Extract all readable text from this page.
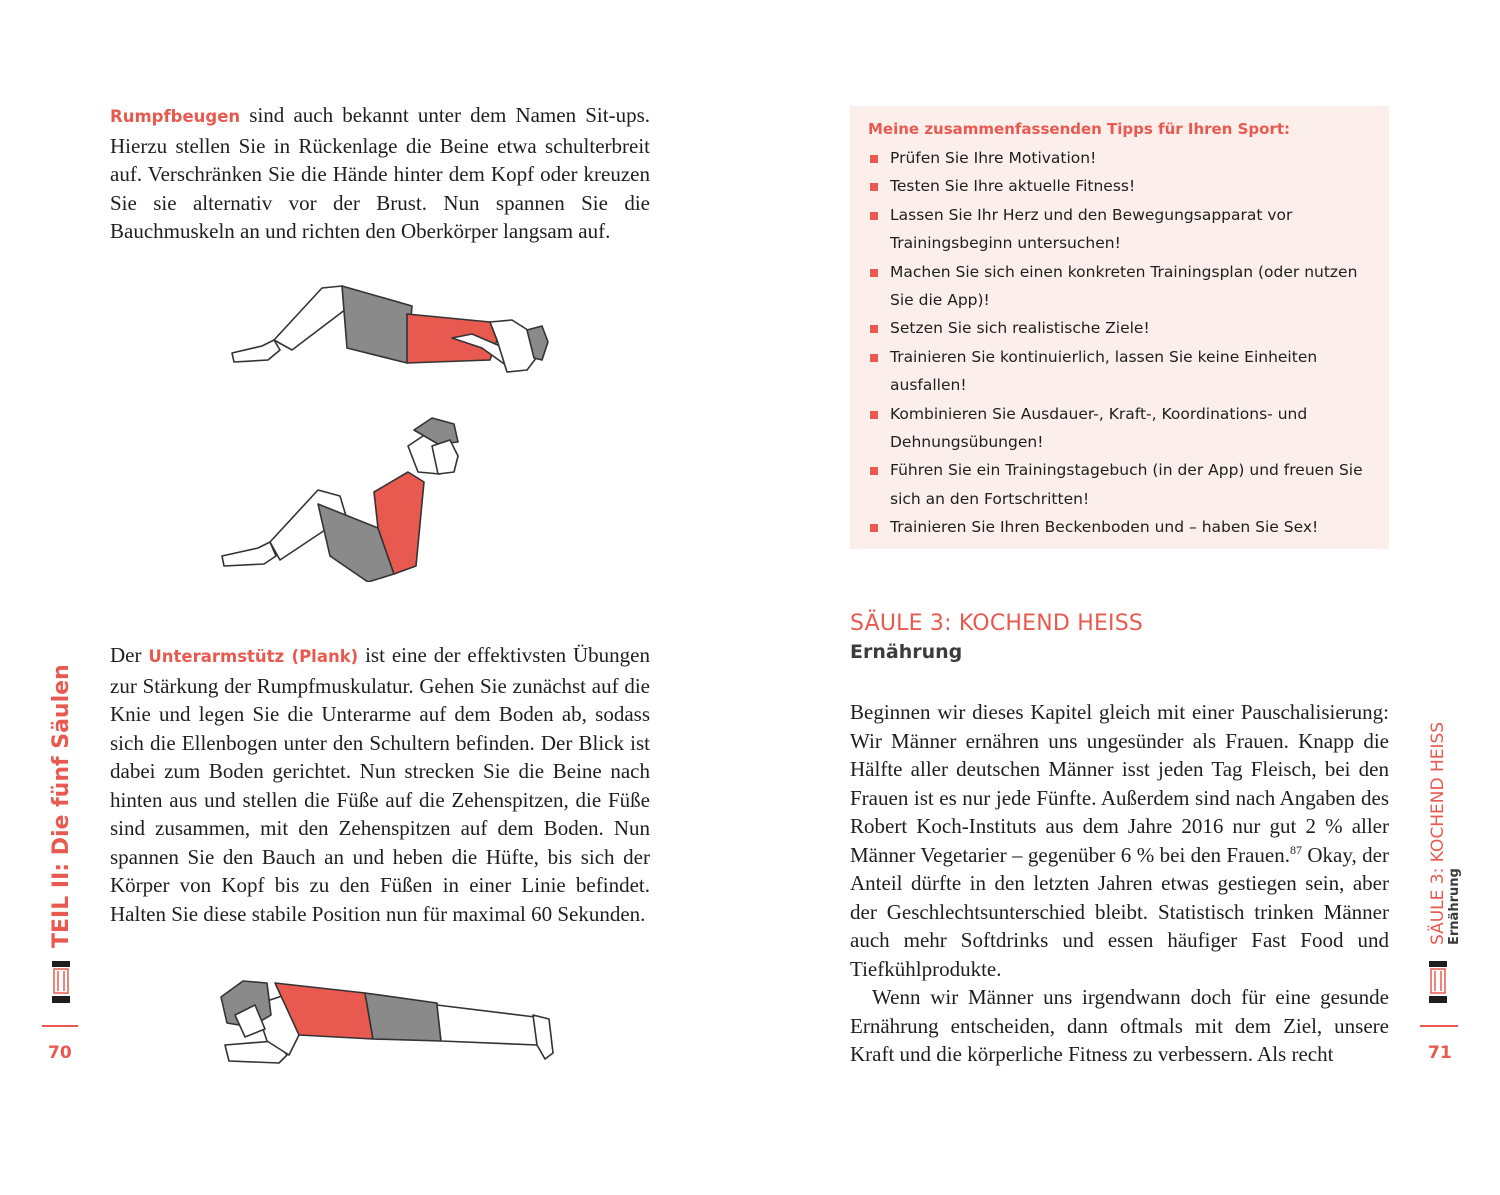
Rumpfbeugen sind auch bekannt unter dem Namen Sit-ups. Hierzu stellen Sie in Rückenlage die Beine etwa schulterbreit auf. Verschränken Sie die Hände hinter dem Kopf oder kreuzen Sie sie alternativ vor der Brust. Nun spannen Sie die Bauchmuskeln an und richten den Oberkörper langsam auf.

Der Unterarmstütz (Plank) ist eine der effektivsten Übungen zur Stärkung der Rumpfmuskulatur. Gehen Sie zunächst auf die Knie und legen Sie die Unterarme auf dem Boden ab, sodass sich die Ellenbogen unter den Schultern befinden. Der Blick ist dabei zum Boden gerichtet. Nun strecken Sie die Beine nach hinten aus und stellen die Füße auf die Zehenspitzen, die Füße sind zusammen, mit den Zehenspitzen auf dem Boden. Nun spannen Sie den Bauch an und heben die Hüfte, bis sich der Körper von Kopf bis zu den Füßen in einer Linie befindet. Halten Sie diese stabile Position nun für maximal 60 Sekunden.

TEIL II: Die fünf Säulen
70
Meine zusammenfassenden Tipps für Ihren Sport:
Prüfen Sie Ihre Motivation!
Testen Sie Ihre aktuelle Fitness!
Lassen Sie Ihr Herz und den Bewegungsapparat vor Trainingsbeginn untersuchen!
Machen Sie sich einen konkreten Trainingsplan (oder nutzen Sie die App)!
Setzen Sie sich realistische Ziele!
Trainieren Sie kontinuierlich, lassen Sie keine Einheiten ausfallen!
Kombinieren Sie Ausdauer-, Kraft-, Koordinations- und Dehnungsübungen!
Führen Sie ein Trainingstagebuch (in der App) und freuen Sie sich an den Fortschritten!
Trainieren Sie Ihren Beckenboden und – haben Sie Sex!
SÄULE 3: KOCHEND HEISS
Ernährung

Beginnen wir dieses Kapitel gleich mit einer Pauschalisierung: Wir Männer ernähren uns ungesünder als Frauen. Knapp die Hälfte aller deutschen Männer isst jeden Tag Fleisch, bei den Frauen ist es nur jede Fünfte. Außerdem sind nach Angaben des Robert Koch-Instituts aus dem Jahre 2016 nur gut 2 % aller Männer Vegetarier – gegenüber 6 % bei den Frauen.$^{87}$ Okay, der Anteil dürfte in den letzten Jahren etwas gestiegen sein, aber der Geschlechtsunterschied bleibt. Statistisch trinken Männer auch mehr Softdrinks und essen häufiger Fast Food und Tiefkühlprodukte.

Wenn wir Männer uns irgendwann doch für eine gesunde Ernährung entscheiden, dann oftmals mit dem Ziel, unsere Kraft und die körperliche Fitness zu verbessern. Als recht

SÄULE 3: KOCHEND HEISS Ernährung
71
